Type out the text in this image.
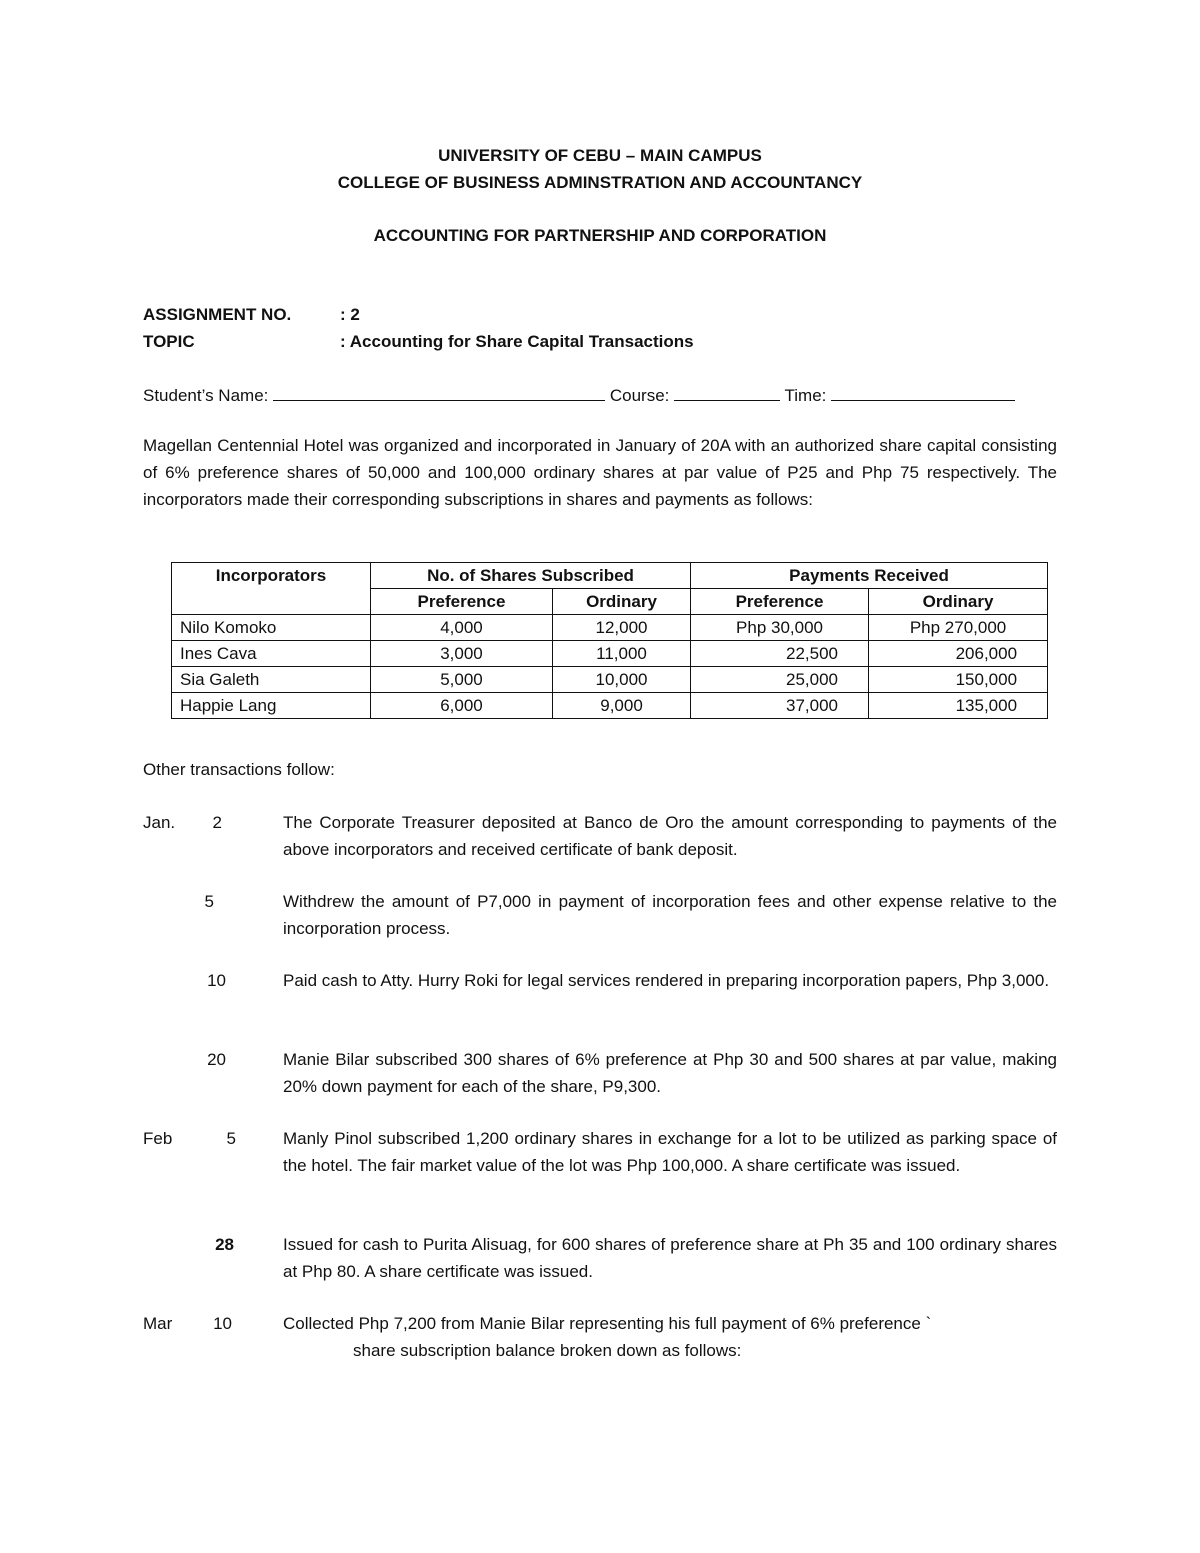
UNIVERSITY OF CEBU – MAIN CAMPUS
COLLEGE OF BUSINESS ADMINSTRATION AND ACCOUNTANCY
ACCOUNTING FOR PARTNERSHIP AND CORPORATION
ASSIGNMENT NO.	: 2
TOPIC	: Accounting for Share Capital Transactions
Student’s Name:	Course:	Time:
Magellan Centennial Hotel was organized and incorporated in January of 20A with an authorized share capital consisting of 6% preference shares of 50,000 and 100,000 ordinary shares at par value of P25 and Php 75 respectively. The incorporators made their corresponding subscriptions in shares and payments as follows:
Incorporators	No. of Shares Subscribed		Payments Received	
	Preference	Ordinary	Preference	Ordinary
Nilo Komoko	4,000	12,000	Php 30,000	Php 270,000
Ines Cava	3,000	11,000	22,500	206,000
Sia Galeth	5,000	10,000	25,000	150,000
Happie Lang	6,000	9,000	37,000	135,000
Other transactions follow:
Jan.	2	The Corporate Treasurer deposited at Banco de Oro the amount corresponding to payments of the above incorporators and received certificate of bank deposit.
5	Withdrew the amount of P7,000 in payment of incorporation fees and other expense relative to the incorporation process.
10	Paid cash to Atty. Hurry Roki for legal services rendered in preparing incorporation papers, Php 3,000.
20	Manie Bilar subscribed 300 shares of 6% preference at Php 30 and 500 shares at par value, making 20% down payment for each of the share, P9,300.
Feb	5	Manly Pinol subscribed 1,200 ordinary shares in exchange for a lot to be utilized as parking space of the hotel. The fair market value of the lot was Php 100,000. A share certificate was issued.
28	Issued for cash to Purita Alisuag, for 600 shares of preference share at Ph 35 and 100 ordinary shares at Php 80. A share certificate was issued.
Mar	10	Collected Php 7,200 from Manie Bilar representing his full payment of 6% preference `
share subscription balance broken down as follows:
